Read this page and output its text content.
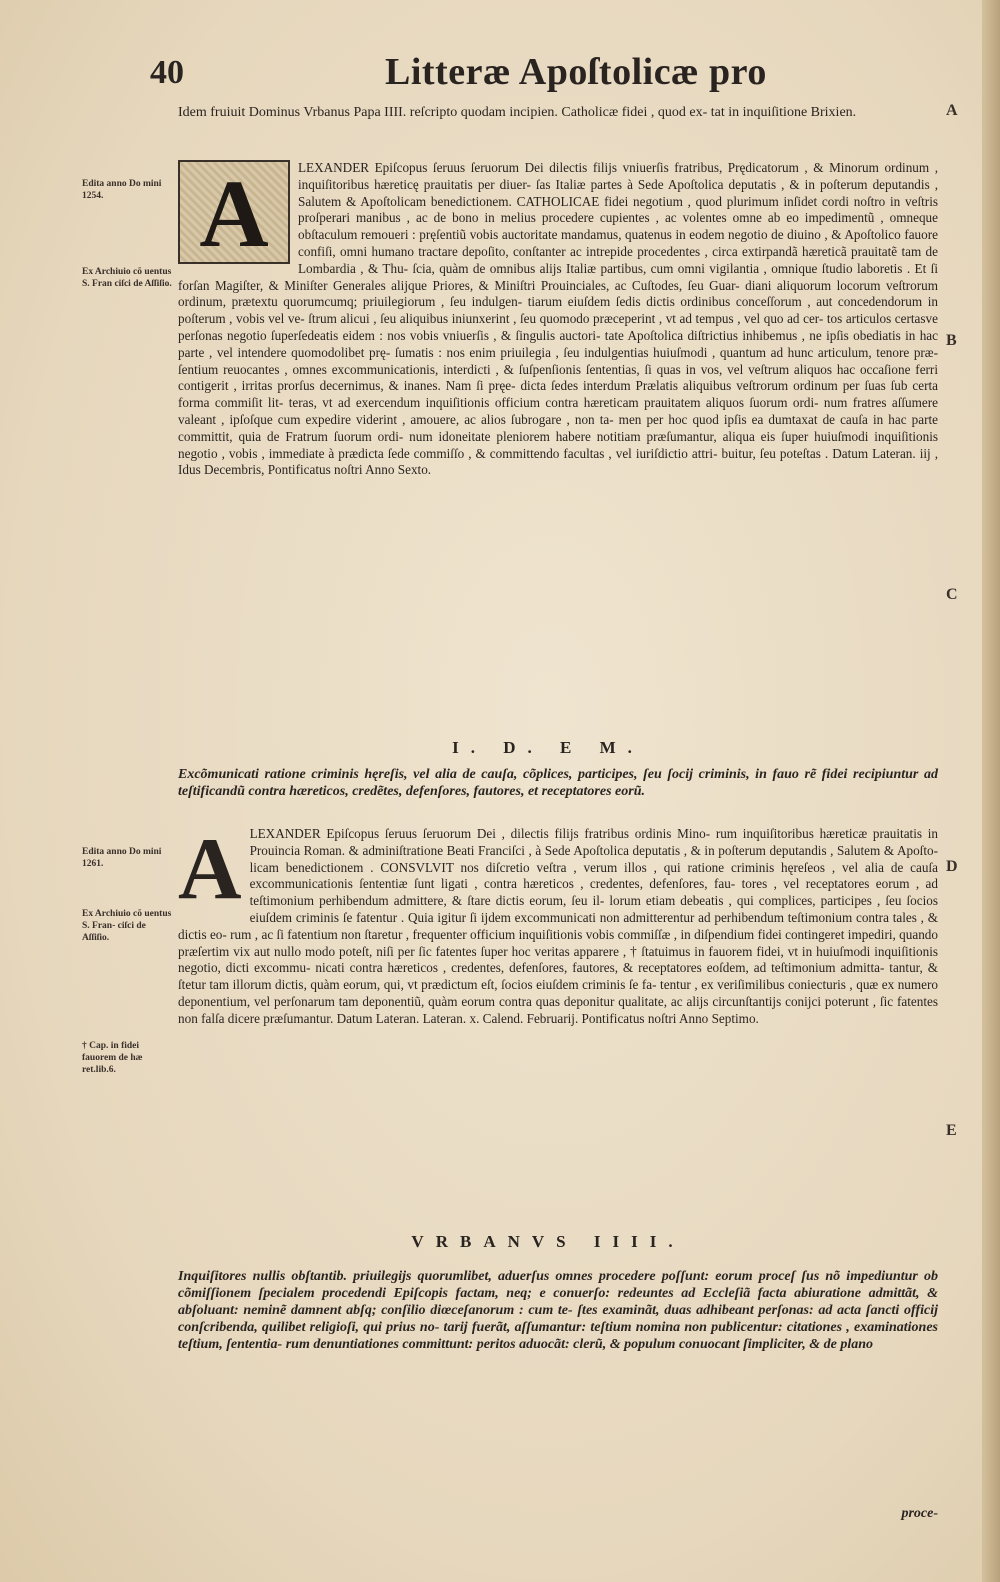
40	Litteræ Apoſtolicæ pro
Idem fruiuit Dominus Vrbanus Papa IIII. reſcripto quodam incipien. Catholicæ fidei , quod ex- tat in inquiſitione Brixien.	A
Edita anno Do mini 1254.
Ex Archiuio cõ uentus S. Fran ciſci de Aſſiſio.
Edita anno Do mini 1261.
Ex Archiuio cõ uentus S. Fran- ciſci de Aſſiſio.
† Cap. in fidei fauorem de hæ ret.lib.6.
B
C
D
E
A	LEXANDER Epiſcopus ſeruus ſeruorum Dei dilectis filijs vniuerſis fratribus, Prędicatorum , & Minorum ordinum , inquiſitoribus hæreticę prauitatis per diuer- ſas Italiæ partes à Sede Apoſtolica deputatis , & in poſterum deputandis , Salutem & Apoſtolicam benedictionem. CATHOLICAE fidei negotium , quod plurimum inſidet cordi noſtro in veſtris proſperari manibus , ac de bono in melius procedere cupientes , ac volentes omne ab eo impedimentũ , omneque obſtaculum remoueri : pręſentiũ vobis auctoritate mandamus, quatenus in eodem negotio de diuino , & Apoſtolico fauore confiſi, omni humano tractare depoſito, conſtanter ac intrepide procedentes , circa extirpandã hæreticã prauitatẽ tam de Lombardia , & Thu- ſcia, quàm de omnibus alijs Italiæ partibus, cum omni vigilantia , omnique ſtudio laboretis . Et ſi forſan Magiſter, & Miniſter Generales alijque Priores, & Miniſtri Prouinciales, ac Cuſtodes, ſeu Guar- diani aliquorum locorum veſtrorum ordinum, prætextu quorumcumq; priuilegiorum , ſeu indulgen- tiarum eiuſdem ſedis dictis ordinibus conceſſorum , aut concedendorum in poſterum , vobis vel ve- ſtrum alicui , ſeu aliquibus iniunxerint , ſeu quomodo præceperint , vt ad tempus , vel quo ad cer- tos articulos certasve perſonas negotio ſuperſedeatis eidem : nos vobis vniuerſis , & ſingulis auctori- tate Apoſtolica diſtrictius inhibemus , ne ipſis obediatis in hac parte , vel intendere quomodolibet prę- ſumatis : nos enim priuilegia , ſeu indulgentias huiuſmodi , quantum ad hunc articulum, tenore præ- ſentium reuocantes , omnes excommunicationis, interdicti , & ſuſpenſionis ſententias, ſi quas in vos, vel veſtrum aliquos hac occaſione ferri contigerit , irritas prorſus decernimus, & inanes. Nam ſi pręe- dicta ſedes interdum Prælatis aliquibus veſtrorum ordinum per ſuas ſub certa forma commiſit lit- teras, vt ad exercendum inquiſitionis officium contra hæreticam prauitatem aliquos ſuorum ordi- num fratres aſſumere valeant , ipſoſque cum expedire viderint , amouere, ac alios ſubrogare , non ta- men per hoc quod ipſis ea dumtaxat de cauſa in hac parte committit, quia de Fratrum ſuorum ordi- num idoneitate pleniorem habere notitiam præſumantur, aliqua eis ſuper huiuſmodi inquiſitionis negotio , vobis , immediate à prædicta ſede commiſſo , & committendo facultas , vel iuriſdictio attri- buitur, ſeu poteſtas . Datum Lateran. iij , Idus Decembris, Pontificatus noſtri Anno Sexto.
I. D. E M.
Excõmunicati ratione criminis hęreſis, vel alia de cauſa, cõplices, participes, ſeu ſocij criminis, in fauo rẽ fidei recipiuntur ad teſtificandũ contra hæreticos, credẽtes, defenſores, fautores, et receptatores eorũ.
A LEXANDER Epiſcopus ſeruus ſeruorum Dei , dilectis filijs fratribus ordinis Mino- rum inquiſitoribus hæreticæ prauitatis in Prouincia Roman. & adminiſtratione Beati Franciſci , à Sede Apoſtolica deputatis , & in poſterum deputandis , Salutem & Apoſto- licam benedictionem . CONSVLVIT nos diſcretio veſtra , verum illos , qui ratione criminis hęreſeos , vel alia de cauſa excommunicationis ſententiæ ſunt ligati , contra hæreticos , credentes, defenſores, fau- tores , vel receptatores eorum , ad teſtimonium perhibendum admittere, & ſtare dictis eorum, ſeu il- lorum etiam debeatis , qui complices, participes , ſeu ſocios eiuſdem criminis ſe fatentur . Quia igitur ſi ijdem excommunicati non admitterentur ad perhibendum teſtimonium contra tales , & dictis eo- rum , ac ſi fatentium non ſtaretur , frequenter officium inquiſitionis vobis commiſſæ , in diſpendium fidei contingeret impediri, quando præſertim vix aut nullo modo poteſt, niſi per ſic fatentes ſuper hoc veritas apparere , † ſtatuimus in fauorem fidei, vt in huiuſmodi inquiſitionis negotio, dicti excommu- nicati contra hæreticos , credentes, defenſores, fautores, & receptatores eoſdem, ad teſtimonium admitta- tantur, & ſtetur tam illorum dictis, quàm eorum, qui, vt prædictum eſt, ſocios eiuſdem criminis ſe fa- tentur , ex veriſimilibus coniecturis , quæ ex numero deponentium, vel perſonarum tam deponentiũ, quàm eorum contra quas deponitur qualitate, ac alijs circunſtantijs conijci poterunt , ſic fatentes non falſa dicere præſumantur. Datum Lateran. Lateran. x. Calend. Februarij. Pontificatus noſtri Anno Septimo.
VRBANVS IIII.
Inquiſitores nullis obſtantib. priuilegijs quorumlibet, aduerſus omnes procedere poſſunt: eorum proceſ ſus nõ impediuntur ob cõmiſſionem ſpecialem procedendi Epiſcopis factam, neq; e conuerſo: redeuntes ad Eccleſiã facta abiuratione admittãt, & abſoluant: neminẽ damnent abſq; conſilio diœceſanorum : cum te- ſtes examinãt, duas adhibeant perſonas: ad acta ſancti officij conſcribenda, quilibet religioſi, qui prius no- tarij fuerãt, aſſumantur: teſtium nomina non publicentur: citationes , examinationes teſtium, ſententia- rum denuntiationes committunt: peritos aduocãt: clerũ, & populum conuocant ſimpliciter, & de plano
proce-
